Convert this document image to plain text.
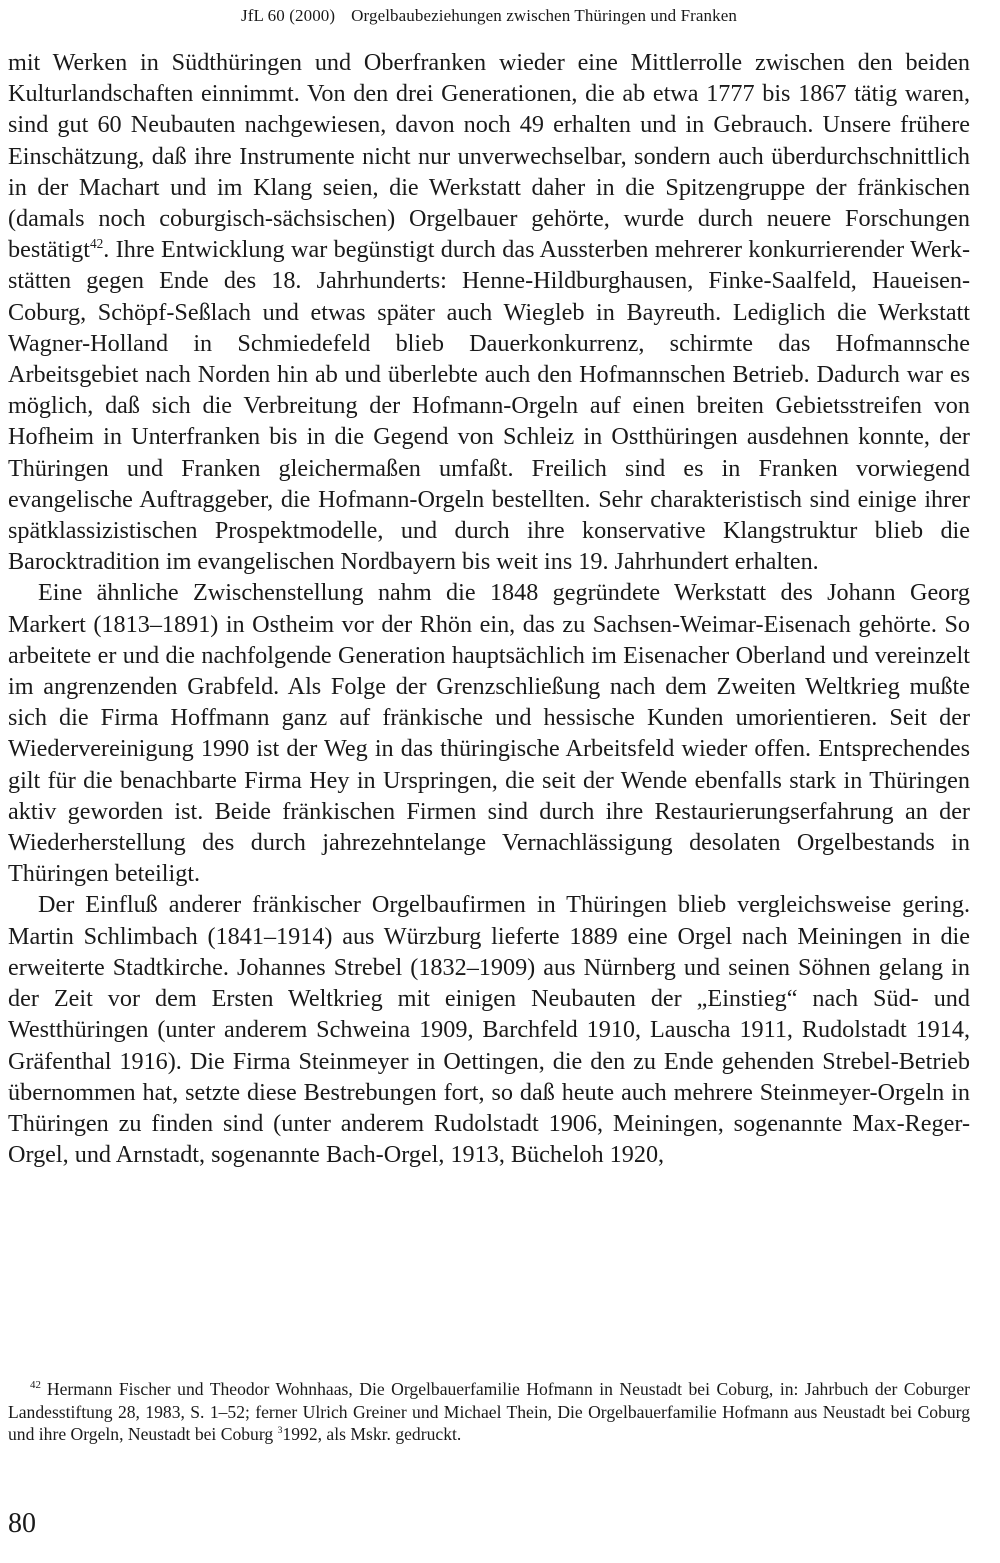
JfL 60 (2000) Orgelbaubeziehungen zwischen Thüringen und Franken

mit Werken in Südthüringen und Oberfranken wieder eine Mittlerrolle zwischen den beiden Kulturlandschaften einnimmt. Von den drei Generationen, die ab etwa 1777 bis 1867 tätig waren, sind gut 60 Neubauten nachgewiesen, davon noch 49 erhalten und in Gebrauch. Unsere frühere Einschätzung, daß ihre Instrumente nicht nur unverwechselbar, sondern auch überdurchschnittlich in der Machart und im Klang seien, die Werkstatt daher in die Spitzengruppe der fränkischen (damals noch coburgisch-sächsischen) Orgelbauer gehörte, wurde durch neuere Forschungen bestätigt$^{42}$. Ihre Entwicklung war begünstigt durch das Aussterben mehrerer konkurrierender Werkstätten gegen Ende des 18. Jahrhunderts: Henne-Hildburghausen, Finke-Saalfeld, Haueisen-Coburg, Schöpf-Seßlach und etwas später auch Wiegleb in Bayreuth. Lediglich die Werkstatt Wagner-Holland in Schmiedefeld blieb Dauerkonkurrenz, schirmte das Hofmannsche Arbeitsgebiet nach Norden hin ab und überlebte auch den Hofmannschen Betrieb. Dadurch war es möglich, daß sich die Verbreitung der Hofmann-Orgeln auf einen breiten Gebietsstreifen von Hofheim in Unterfranken bis in die Gegend von Schleiz in Ostthüringen ausdehnen konnte, der Thüringen und Franken gleichermaßen umfaßt. Freilich sind es in Franken vorwiegend evangelische Auftraggeber, die Hofmann-Orgeln bestellten. Sehr charakteristisch sind einige ihrer spätklassizistischen Prospektmodelle, und durch ihre konservative Klangstruktur blieb die Barocktradition im evangelischen Nordbayern bis weit ins 19. Jahrhundert erhalten.

Eine ähnliche Zwischenstellung nahm die 1848 gegründete Werkstatt des Johann Georg Markert (1813–1891) in Ostheim vor der Rhön ein, das zu Sachsen-Weimar-Eisenach gehörte. So arbeitete er und die nachfolgende Generation hauptsächlich im Eisenacher Oberland und vereinzelt im angrenzenden Grabfeld. Als Folge der Grenzschließung nach dem Zweiten Weltkrieg mußte sich die Firma Hoffmann ganz auf fränkische und hessische Kunden umorientieren. Seit der Wiedervereinigung 1990 ist der Weg in das thüringische Arbeitsfeld wieder offen. Entsprechendes gilt für die benachbarte Firma Hey in Urspringen, die seit der Wende ebenfalls stark in Thüringen aktiv geworden ist. Beide fränkischen Firmen sind durch ihre Restaurierungserfahrung an der Wiederherstellung des durch jahrezehntelange Vernachlässigung desolaten Orgelbestands in Thüringen beteiligt.

Der Einfluß anderer fränkischer Orgelbaufirmen in Thüringen blieb vergleichsweise gering. Martin Schlimbach (1841–1914) aus Würzburg lieferte 1889 eine Orgel nach Meiningen in die erweiterte Stadtkirche. Johannes Strebel (1832–1909) aus Nürnberg und seinen Söhnen gelang in der Zeit vor dem Ersten Weltkrieg mit einigen Neubauten der „Einstieg“ nach Süd- und Westthüringen (unter anderem Schweina 1909, Barchfeld 1910, Lauscha 1911, Rudolstadt 1914, Gräfenthal 1916). Die Firma Steinmeyer in Oettingen, die den zu Ende gehenden Strebel-Betrieb übernommen hat, setzte diese Bestrebungen fort, so daß heute auch mehrere Steinmeyer-Orgeln in Thüringen zu finden sind (unter anderem Rudolstadt 1906, Meiningen, sogenannte Max-Reger-Orgel, und Arnstadt, sogenannte Bach-Orgel, 1913, Bücheloh 1920,

42 Hermann Fischer und Theodor Wohnhaas, Die Orgelbauerfamilie Hofmann in Neustadt bei Coburg, in: Jahrbuch der Coburger Landesstiftung 28, 1983, S. 1–52; ferner Ulrich Greiner und Michael Thein, Die Orgelbauerfamilie Hofmann aus Neustadt bei Coburg und ihre Orgeln, Neustadt bei Coburg $^3$1992, als Mskr. gedruckt.
80
